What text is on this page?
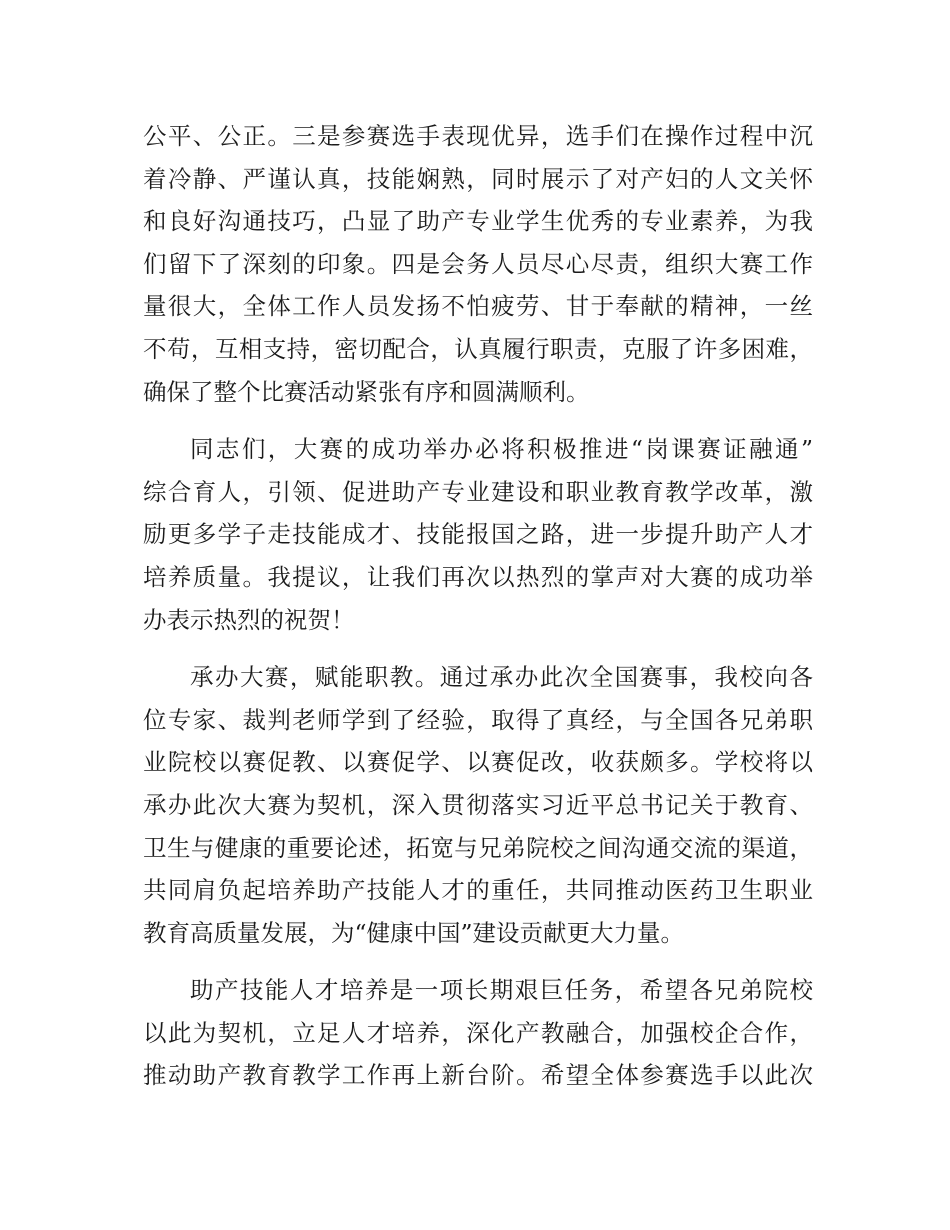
公平、公正。三是参赛选手表现优异，选手们在操作过程中沉
着冷静、严谨认真，技能娴熟，同时展示了对产妇的人文关怀
和良好沟通技巧，凸显了助产专业学生优秀的专业素养，为我
们留下了深刻的印象。四是会务人员尽心尽责，组织大赛工作
量很大，全体工作人员发扬不怕疲劳、甘于奉献的精神，一丝
不苟，互相支持，密切配合，认真履行职责，克服了许多困难，
确保了整个比赛活动紧张有序和圆满顺利。
同志们，大赛的成功举办必将积极推进“岗课赛证融通”
综合育人，引领、促进助产专业建设和职业教育教学改革，激
励更多学子走技能成才、技能报国之路，进一步提升助产人才
培养质量。我提议，让我们再次以热烈的掌声对大赛的成功举
办表示热烈的祝贺！
承办大赛，赋能职教。通过承办此次全国赛事，我校向各
位专家、裁判老师学到了经验，取得了真经，与全国各兄弟职
业院校以赛促教、以赛促学、以赛促改，收获颇多。学校将以
承办此次大赛为契机，深入贯彻落实习近平总书记关于教育、
卫生与健康的重要论述，拓宽与兄弟院校之间沟通交流的渠道，
共同肩负起培养助产技能人才的重任，共同推动医药卫生职业
教育高质量发展，为“健康中国”建设贡献更大力量。
助产技能人才培养是一项长期艰巨任务，希望各兄弟院校
以此为契机，立足人才培养，深化产教融合，加强校企合作，
推动助产教育教学工作再上新台阶。希望全体参赛选手以此次
